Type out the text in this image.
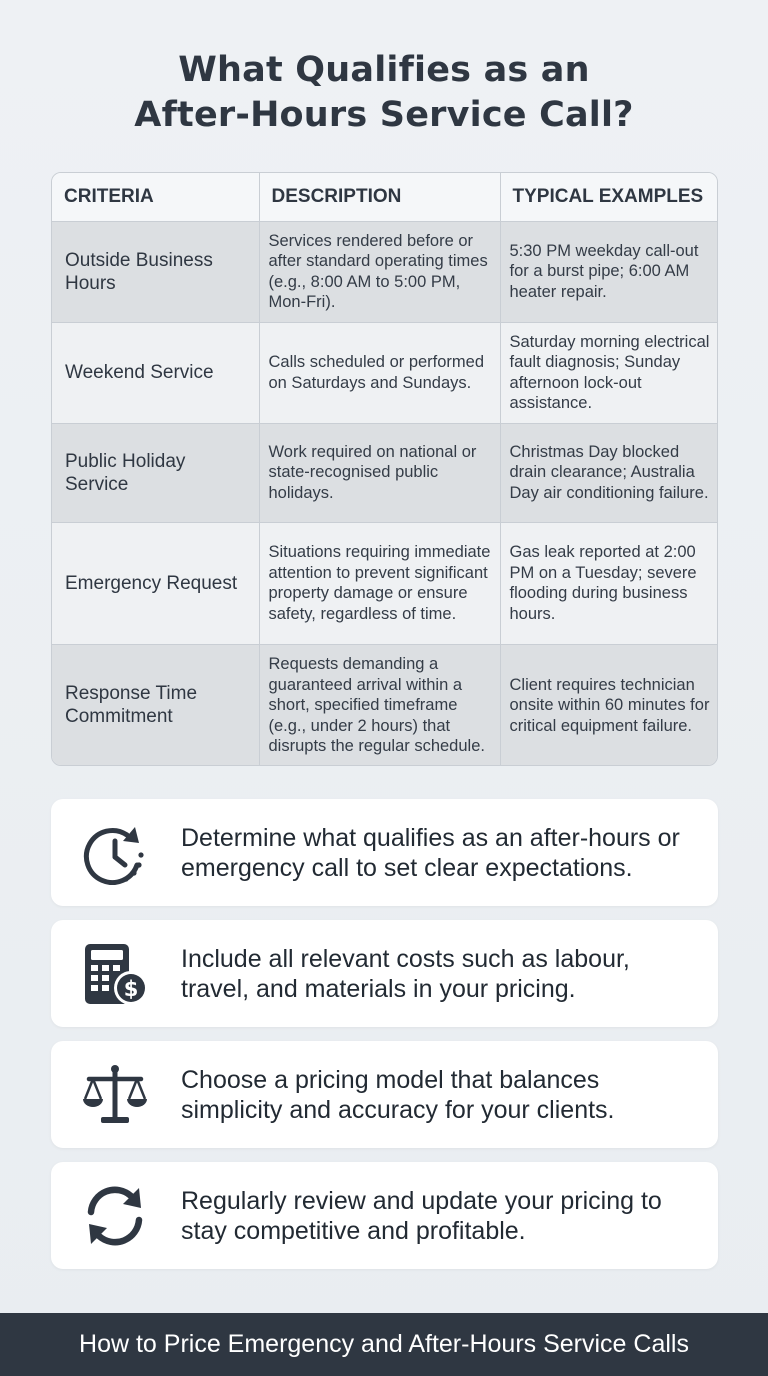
What Qualifies as an
After-Hours Service Call?
CRITERIA	DESCRIPTION	TYPICAL EXAMPLES
Outside Business Hours	Services rendered before or after standard operating times (e.g., 8:00 AM to 5:00 PM, Mon-Fri).	5:30 PM weekday call-out for a burst pipe; 6:00 AM heater repair.
Weekend Service	Calls scheduled or performed on Saturdays and Sundays.	Saturday morning electrical fault diagnosis; Sunday afternoon lock-out assistance.
Public Holiday Service	Work required on national or state-recognised public holidays.	Christmas Day blocked drain clearance; Australia Day air conditioning failure.
Emergency Request	Situations requiring immediate attention to prevent significant property damage or ensure safety, regardless of time.	Gas leak reported at 2:00 PM on a Tuesday; severe flooding during business hours.
Response Time Commitment	Requests demanding a guaranteed arrival within a short, specified timeframe (e.g., under 2 hours) that disrupts the regular schedule.	Client requires technician onsite within 60 minutes for critical equipment failure.
Determine what qualifies as an after-hours or emergency call to set clear expectations.
$
Include all relevant costs such as labour, travel, and materials in your pricing.
Choose a pricing model that balances simplicity and accuracy for your clients.
Regularly review and update your pricing to stay competitive and profitable.
How to Price Emergency and After-Hours Service Calls
